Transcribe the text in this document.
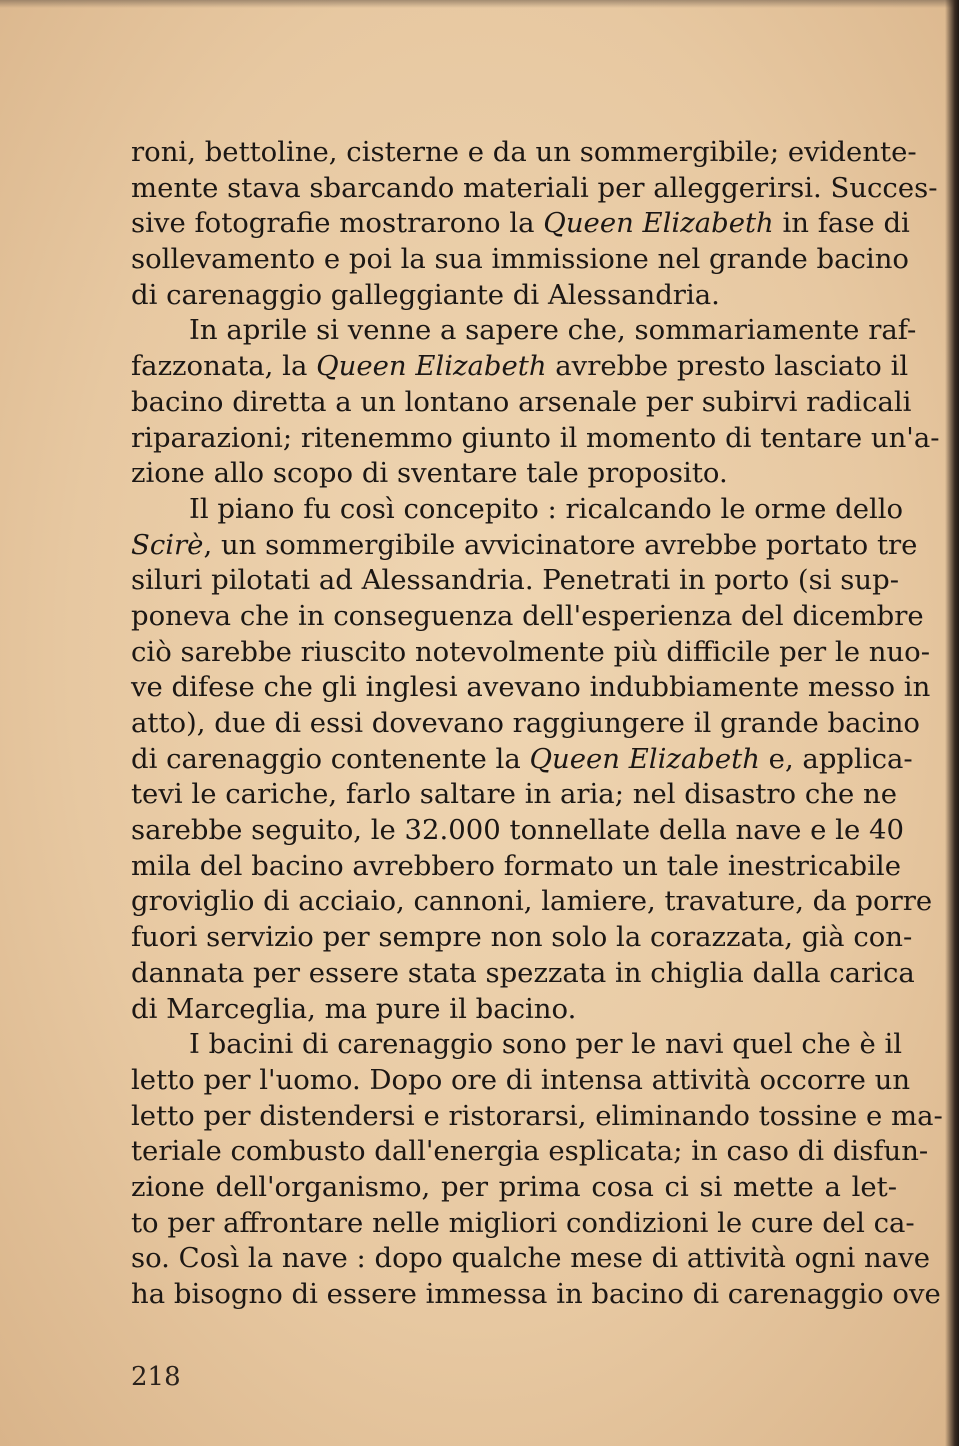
roni, bettoline, cisterne e da un sommergibile; evidente-
mente stava sbarcando materiali per alleggerirsi. Succes-
sive fotografie mostrarono la Queen Elizabeth in fase di
sollevamento e poi la sua immissione nel grande bacino
di carenaggio galleggiante di Alessandria.
In aprile si venne a sapere che, sommariamente raf-
fazzonata, la Queen Elizabeth avrebbe presto lasciato il
bacino diretta a un lontano arsenale per subirvi radicali
riparazioni; ritenemmo giunto il momento di tentare un'a-
zione allo scopo di sventare tale proposito.
Il piano fu così concepito : ricalcando le orme dello
Scirè, un sommergibile avvicinatore avrebbe portato tre
siluri pilotati ad Alessandria. Penetrati in porto (si sup-
poneva che in conseguenza dell'esperienza del dicembre
ciò sarebbe riuscito notevolmente più difficile per le nuo-
ve difese che gli inglesi avevano indubbiamente messo in
atto), due di essi dovevano raggiungere il grande bacino
di carenaggio contenente la Queen Elizabeth e, applica-
tevi le cariche, farlo saltare in aria; nel disastro che ne
sarebbe seguito, le 32.000 tonnellate della nave e le 40
mila del bacino avrebbero formato un tale inestricabile
groviglio di acciaio, cannoni, lamiere, travature, da porre
fuori servizio per sempre non solo la corazzata, già con-
dannata per essere stata spezzata in chiglia dalla carica
di Marceglia, ma pure il bacino.
I bacini di carenaggio sono per le navi quel che è il
letto per l'uomo. Dopo ore di intensa attività occorre un
letto per distendersi e ristorarsi, eliminando tossine e ma-
teriale combusto dall'energia esplicata; in caso di disfun-
zione dell'organismo, per prima cosa ci si mette a let-
to per affrontare nelle migliori condizioni le cure del ca-
so. Così la nave : dopo qualche mese di attività ogni nave
ha bisogno di essere immessa in bacino di carenaggio ove
218
